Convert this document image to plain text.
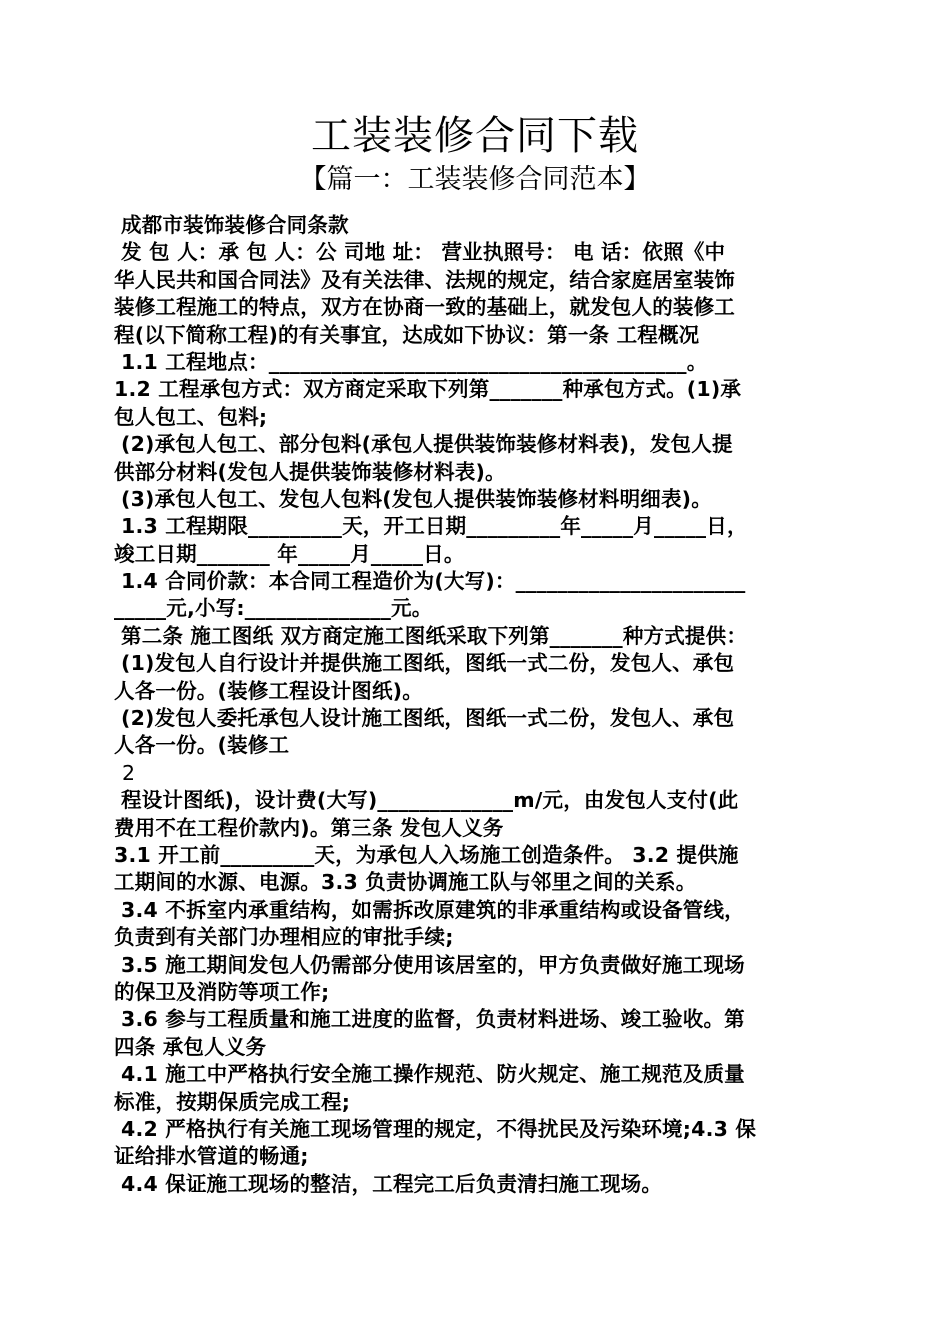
工装装修合同下载
【篇一：工装装修合同范本】
成都市装饰装修合同条款
发 包 人：承 包 人：公 司地 址： 营业执照号： 电 话：依照《中
华人民共和国合同法》及有关法律、法规的规定，结合家庭居室装饰
装修工程施工的特点，双方在协商一致的基础上，就发包人的装修工
程(以下简称工程)的有关事宜，达成如下协议：第一条 工程概况
1.1 工程地点：________________________________________。
1.2 工程承包方式：双方商定采取下列第_______种承包方式。(1)承
包人包工、包料;
(2)承包人包工、部分包料(承包人提供装饰装修材料表)，发包人提
供部分材料(发包人提供装饰装修材料表)。
(3)承包人包工、发包人包料(发包人提供装饰装修材料明细表)。
1.3 工程期限_________天，开工日期_________年_____月_____日，
竣工日期_______ 年_____月_____日。
1.4 合同价款：本合同工程造价为(大写)：______________________
_____元,小写:______________元。
第二条 施工图纸 双方商定施工图纸采取下列第_______种方式提供：
(1)发包人自行设计并提供施工图纸，图纸一式二份，发包人、承包
人各一份。(装修工程设计图纸)。
(2)发包人委托承包人设计施工图纸，图纸一式二份，发包人、承包
人各一份。(装修工
2
程设计图纸)，设计费(大写)_____________m/元，由发包人支付(此
费用不在工程价款内)。第三条 发包人义务
3.1 开工前_________天，为承包人入场施工创造条件。 3.2 提供施
工期间的水源、电源。3.3 负责协调施工队与邻里之间的关系。
3.4 不拆室内承重结构，如需拆改原建筑的非承重结构或设备管线，
负责到有关部门办理相应的审批手续;
3.5 施工期间发包人仍需部分使用该居室的，甲方负责做好施工现场
的保卫及消防等项工作;
3.6 参与工程质量和施工进度的监督，负责材料进场、竣工验收。第
四条 承包人义务
4.1 施工中严格执行安全施工操作规范、防火规定、施工规范及质量
标准，按期保质完成工程;
4.2 严格执行有关施工现场管理的规定，不得扰民及污染环境;4.3 保
证给排水管道的畅通;
4.4 保证施工现场的整洁，工程完工后负责清扫施工现场。
